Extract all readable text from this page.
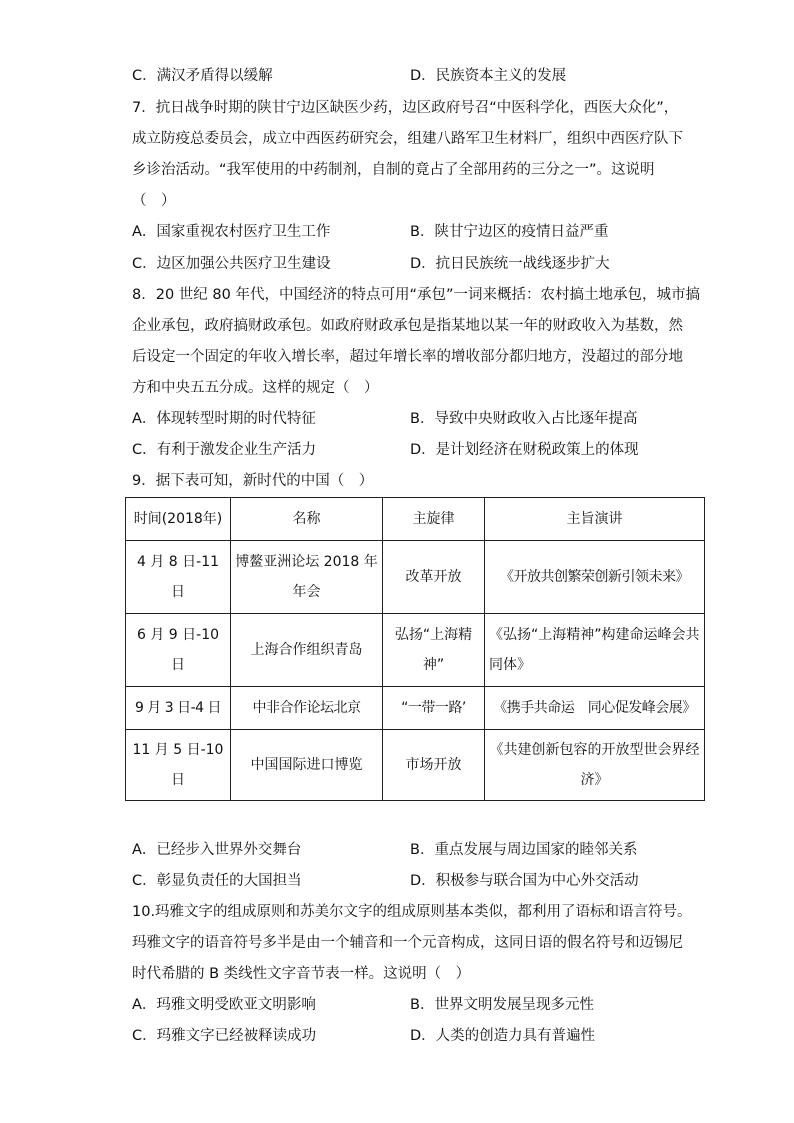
C．满汉矛盾得以缓解	D．民族资本主义的发展
7．抗日战争时期的陕甘宁边区缺医少药，边区政府号召“中医科学化，西医大众化”，
成立防疫总委员会，成立中西医药研究会，组建八路军卫生材料厂，组织中西医疗队下
乡诊治活动。“我军使用的中药制剂，自制的竟占了全部用药的三分之一”。这说明
（　）
A．国家重视农村医疗卫生工作	B．陕甘宁边区的疫情日益严重
C．边区加强公共医疗卫生建设	D．抗日民族统一战线逐步扩大
8．20 世纪 80 年代，中国经济的特点可用“承包”一词来概括：农村搞土地承包，城市搞
企业承包，政府搞财政承包。如政府财政承包是指某地以某一年的财政收入为基数，然
后设定一个固定的年收入增长率，超过年增长率的增收部分都归地方，没超过的部分地
方和中央五五分成。这样的规定（　）
A．体现转型时期的时代特征	B．导致中央财政收入占比逐年提高
C．有利于激发企业生产活力	D．是计划经济在财税政策上的体现
9．据下表可知，新时代的中国（　）
时间(2018年)	名称	主旋律	主旨演讲
4 月 8 日-11 日	博鳌亚洲论坛 2018 年年会	改革开放	《开放共创繁荣创新引领未来》
6 月 9 日-10 日	上海合作组织青岛	弘扬“上海精神”	《弘扬“上海精神”构建命运峰会共同体》
9 月 3 日-4 日	中非合作论坛北京	“一带一路’	《携手共命运　同心促发峰会展》
11 月 5 日-10 日	中国国际进口博览	市场开放	《共建创新包容的开放型世会界经济》
A．已经步入世界外交舞台	B．重点发展与周边国家的睦邻关系
C．彰显负责任的大国担当	D．积极参与联合国为中心外交活动
10.玛雅文字的组成原则和苏美尔文字的组成原则基本类似，都利用了语标和语言符号。
玛雅文字的语音符号多半是由一个辅音和一个元音构成，这同日语的假名符号和迈锡尼
时代希腊的 B 类线性文字音节表一样。这说明（　）
A．玛雅文明受欧亚文明影响	B．世界文明发展呈现多元性
C．玛雅文字已经被释读成功	D．人类的创造力具有普遍性
